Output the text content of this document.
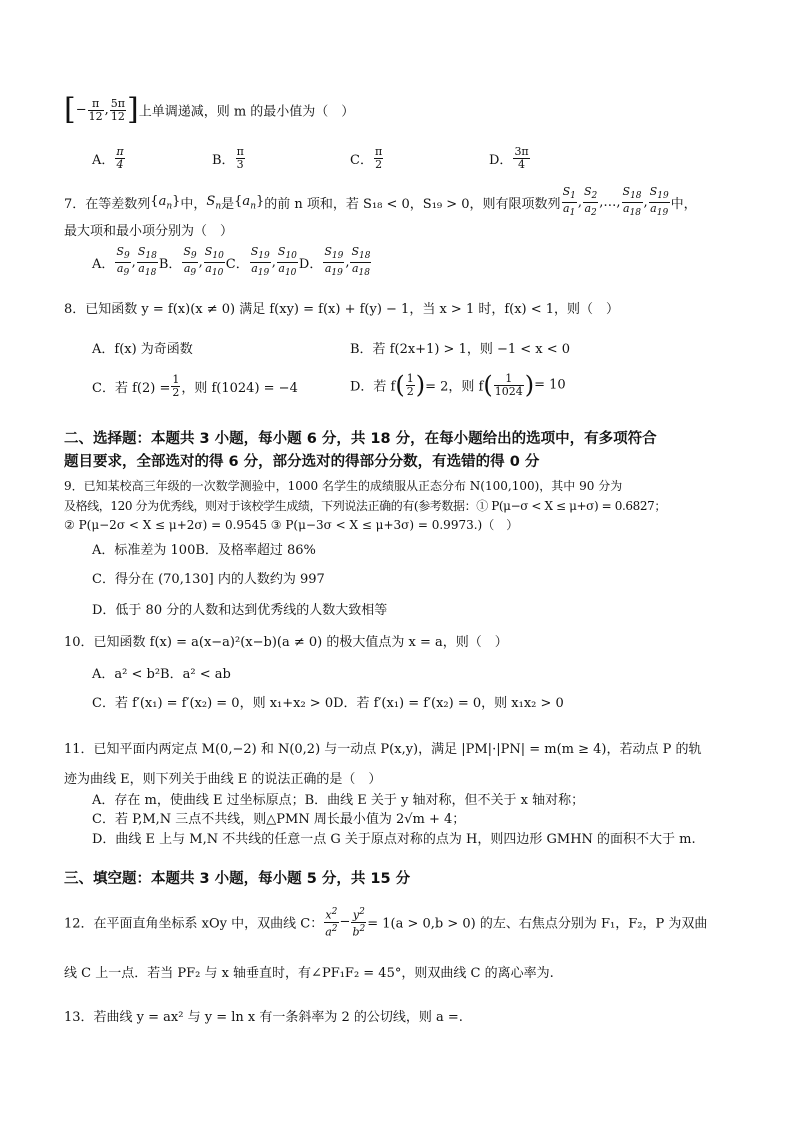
[− $\frac{\pi}{12}$ , $\frac{5\pi}{12}$ ]上单调递减，则 m 的最小值为（　）
A． $\frac{\pi}{4}$	B． $\frac{\pi}{3}$	C． $\frac{\pi}{2}$	D． $\frac{3\pi}{4}$
7．在等差数列$\{a_n\}$中，$S_n$是$\{a_n\}$的前 n 项和，若 S₁₈ < 0，S₁₉ > 0，则有限项数列 $\frac{S_1}{a_1}$ , $\frac{S_2}{a_2}$ ,…, $\frac{S_{18}}{a_{18}}$ , $\frac{S_{19}}{a_{19}}$ 中，
最大项和最小项分别为（　）
A． $\frac{S_9}{a_9}$ , $\frac{S_{18}}{a_{18}}$ B． $\frac{S_9}{a_9}$ , $\frac{S_{10}}{a_{10}}$ C． $\frac{S_{19}}{a_{19}}$ , $\frac{S_{10}}{a_{10}}$ D． $\frac{S_{19}}{a_{19}}$ , $\frac{S_{18}}{a_{18}}$
8．已知函数 y = f(x)(x ≠ 0) 满足 f(xy) = f(x) + f(y) − 1，当 x > 1 时，f(x) < 1，则（　）
A．f(x) 为奇函数	B．若 f(2x+1) > 1，则 −1 < x < 0
C．若 $f(2) = \frac{1}{2}$ ，则 f(1024) = −4	D．若 $f( \frac{1}{2}$ )= 2，则 $f( \frac{1}{1024}$ )= 10
二、选择题：本题共 3 小题，每小题 6 分，共 18 分，在每小题给出的选项中，有多项符合
题目要求，全部选对的得 6 分，部分选对的得部分分数，有选错的得 0 分
9．已知某校高三年级的一次数学测验中，1000 名学生的成绩服从正态分布 N(100,100)，其中 90 分为
及格线，120 分为优秀线，则对于该校学生成绩，下列说法正确的有(参考数据：① P(μ−σ < X ≤ μ+σ) = 0.6827；
② P(μ−2σ < X ≤ μ+2σ) = 0.9545 ③ P(μ−3σ < X ≤ μ+3σ) = 0.9973.)（　）
A．标准差为 100B．及格率超过 86%
C．得分在 (70,130] 内的人数约为 997
D．低于 80 分的人数和达到优秀线的人数大致相等
10．已知函数 f(x) = a(x−a)²(x−b)(a ≠ 0) 的极大值点为 x = a，则（　）
A．a² < b²B．a² < ab
C．若 f′(x₁) = f′(x₂) = 0，则 x₁+x₂ > 0D．若 f′(x₁) = f′(x₂) = 0，则 x₁x₂ > 0
11．已知平面内两定点 M(0,−2) 和 N(0,2) 与一动点 P(x,y)，满足 |PM|·|PN| = m(m ≥ 4)，若动点 P 的轨
迹为曲线 E，则下列关于曲线 E 的说法正确的是（　）
A．存在 m，使曲线 E 过坐标原点；B．曲线 E 关于 y 轴对称，但不关于 x 轴对称；
C．若 P,M,N 三点不共线，则△PMN 周长最小值为 2√m + 4；
D．曲线 E 上与 M,N 不共线的任意一点 G 关于原点对称的点为 H，则四边形 GMHN 的面积不大于 m.
三、填空题：本题共 3 小题，每小题 5 分，共 15 分
12．在平面直角坐标系 xOy 中，双曲线 C： $\frac{x^2}{a^2} - \frac{y^2}{b^2} = 1(a > 0,b > 0)$ 的左、右焦点分别为 F₁，F₂，P 为双曲
线 C 上一点．若当 PF₂ 与 x 轴垂直时，有∠PF₁F₂ = 45°，则双曲线 C 的离心率为.
13．若曲线 y = ax² 与 y = ln x 有一条斜率为 2 的公切线，则 a =.
